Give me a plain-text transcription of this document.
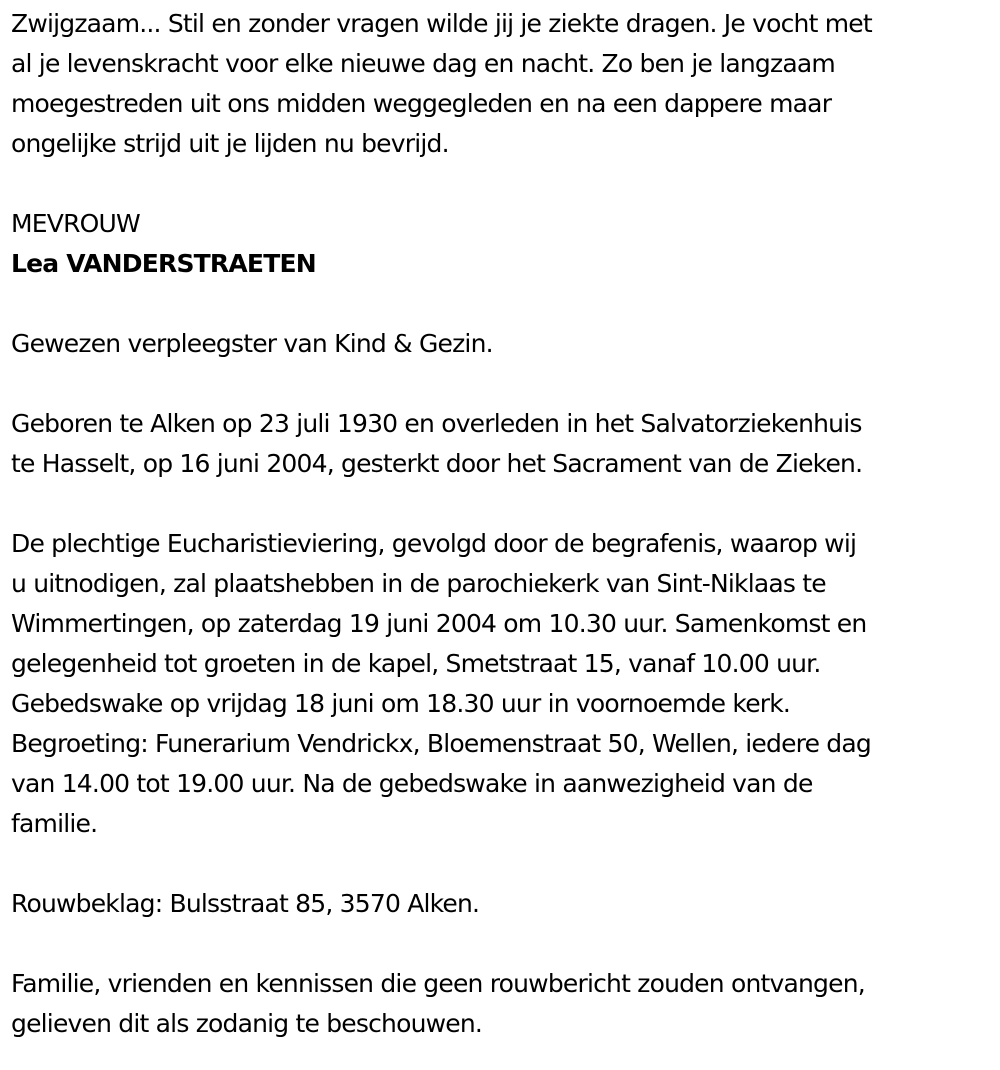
Zwijgzaam... Stil en zonder vragen wilde jij je ziekte dragen. Je vocht met
al je levenskracht voor elke nieuwe dag en nacht. Zo ben je langzaam
moegestreden uit ons midden weggegleden en na een dappere maar
ongelijke strijd uit je lijden nu bevrijd.
MEVROUW
Lea VANDERSTRAETEN
Gewezen verpleegster van Kind & Gezin.
Geboren te Alken op 23 juli 1930 en overleden in het Salvatorziekenhuis
te Hasselt, op 16 juni 2004, gesterkt door het Sacrament van de Zieken.
De plechtige Eucharistieviering, gevolgd door de begrafenis, waarop wij
u uitnodigen, zal plaatshebben in de parochiekerk van Sint-Niklaas te
Wimmertingen, op zaterdag 19 juni 2004 om 10.30 uur. Samenkomst en
gelegenheid tot groeten in de kapel, Smetstraat 15, vanaf 10.00 uur.
Gebedswake op vrijdag 18 juni om 18.30 uur in voornoemde kerk.
Begroeting: Funerarium Vendrickx, Bloemenstraat 50, Wellen, iedere dag
van 14.00 tot 19.00 uur. Na de gebedswake in aanwezigheid van de
familie.
Rouwbeklag: Bulsstraat 85, 3570 Alken.
Familie, vrienden en kennissen die geen rouwbericht zouden ontvangen,
gelieven dit als zodanig te beschouwen.
